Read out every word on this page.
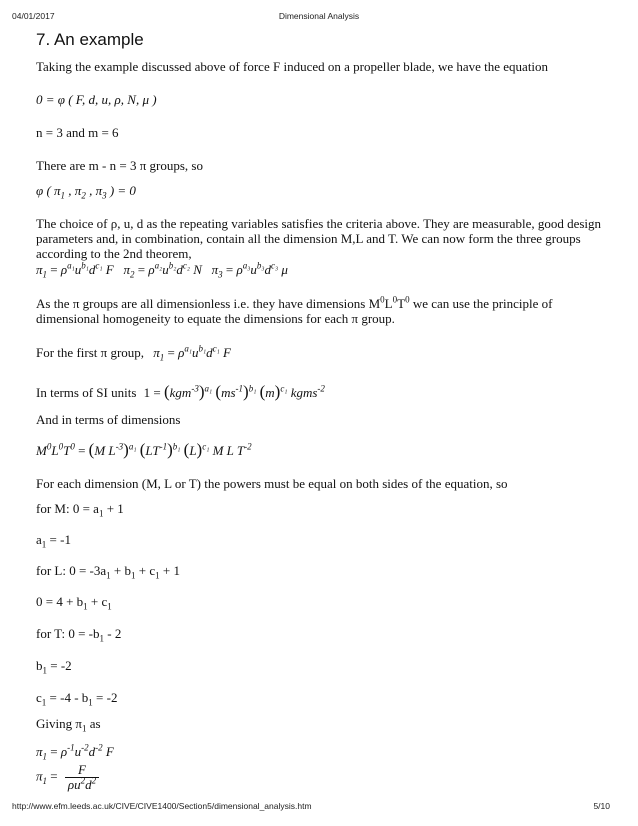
04/01/2017	Dimensional Analysis
7. An example
Taking the example discussed above of force F induced on a propeller blade, we have the equation
0 = φ ( F, d, u, ρ, N, μ )
n = 3 and m = 6
There are m - n = 3 π groups, so
φ ( $\pi_1$ , $\pi_2$ , $\pi_3$ ) = 0
The choice of ρ, u, d as the repeating variables satisfies the criteria above. They are measurable, good design parameters and, in combination, contain all the dimension M,L and T. We can now form the three groups according to the 2nd theorem,
$\pi_1 = \rho^{a_1}u^{b_1}d^{c_1}$ F   $\pi_2 = \rho^{a_2}u^{b_2}d^{c_2}$ N   $\pi_3 = \rho^{a_3}u^{b_3}d^{c_3}$ μ
As the π groups are all dimensionless i.e. they have dimensions $M^0L^0T^0$ we can use the principle of dimensional homogeneity to equate the dimensions for each π group.
For the first π group, $\pi_1 = \rho^{a_1}u^{b_1}d^{c_1}$ F
In terms of SI units $1 = (kgm^{-3})^{a_1}$ $(ms^{-1})^{b_1}$ $(m)^{c_1}$ kgms$^{-2}$
And in terms of dimensions
$M^0L^0T^0 = (M$ $L^{-3})^{a_1}$ $(LT^{-1})^{b_1}$ $(L)^{c_1}$ M L $T^{-2}$
For each dimension (M, L or T) the powers must be equal on both sides of the equation, so
for M: $0 = a_1 + 1$
$a_1 = -1$
for L: $0 = -3a_1 + b_1 + c_1 + 1$
$0 = 4 + b_1 + c_1$
for T: $0 = -b_1 - 2$
$b_1 = -2$
$c_1 = -4 - b_1 = -2$
Giving $\pi_1$ as
$\pi_1 = \rho^{-1}u^{-2}d^{-2}$ F
$\pi_1 = \frac{F}{\rho u^2d^2}$
http://www.efm.leeds.ac.uk/CIVE/CIVE1400/Section5/dimensional_analysis.htm	5/10
